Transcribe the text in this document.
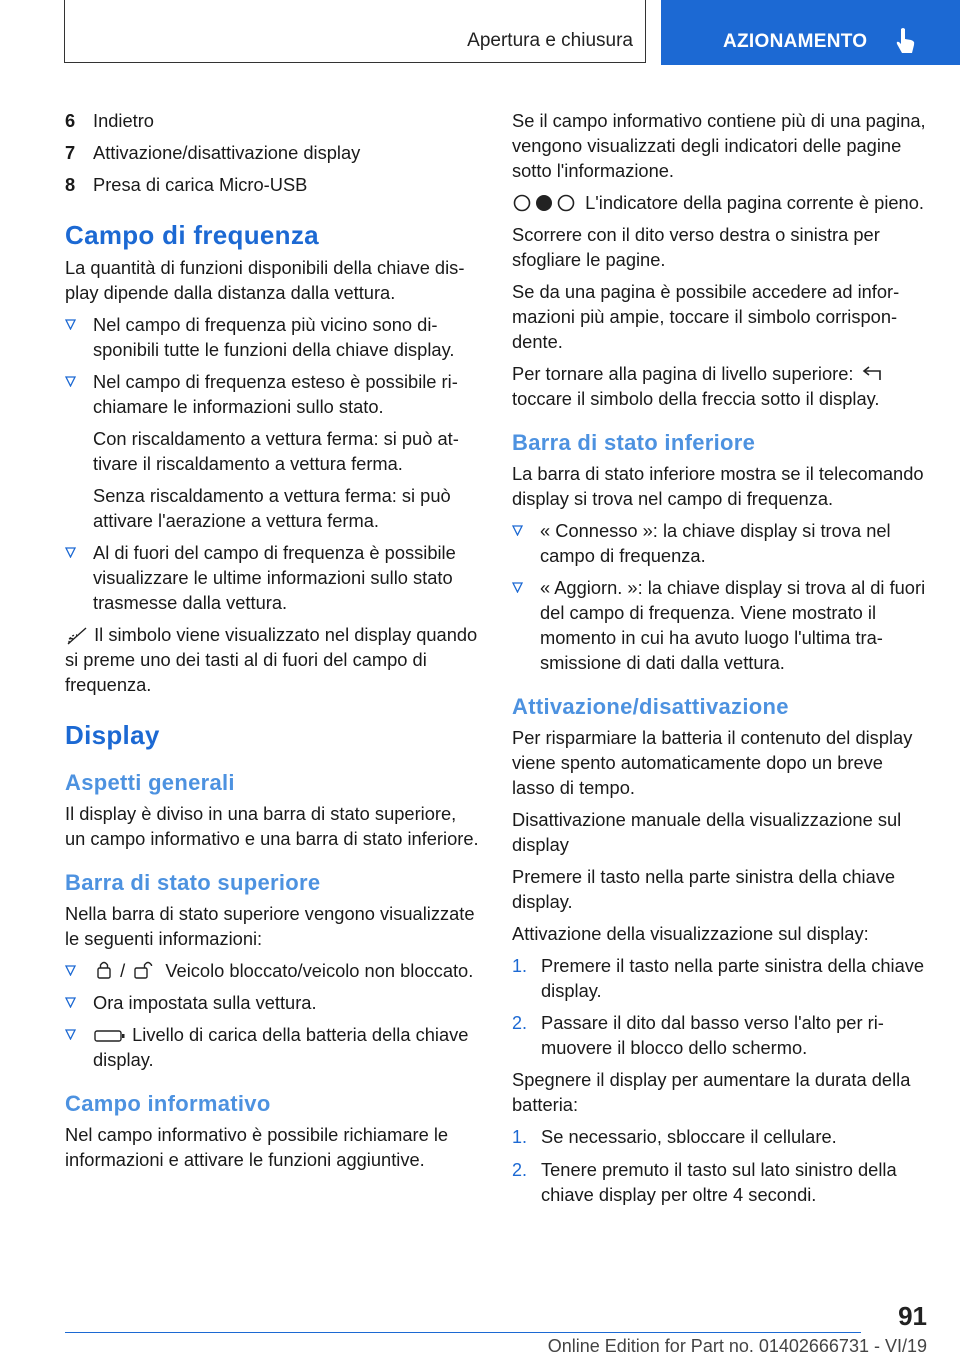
Apertura e chiusura	AZIONAMENTO
6 Indietro
7 Attivazione/disattivazione display
8 Presa di carica Micro-USB
Campo di frequenza

La quantità di funzioni disponibili della chiave display dipende dalla distanza dalla vettura.

Nel campo di frequenza più vicino sono disponibili tutte le funzioni della chiave display.
Nel campo di frequenza esteso è possibile richiamare le informazioni sullo stato.

Con riscaldamento a vettura ferma: si può attivare il riscaldamento a vettura ferma.

Senza riscaldamento a vettura ferma: si può attivare l'aerazione a vettura ferma.

Al di fuori del campo di frequenza è possibile visualizzare le ultime informazioni sullo stato trasmesse dalla vettura.

Il simbolo viene visualizzato nel display quando si preme uno dei tasti al di fuori del campo di frequenza.

Display
Aspetti generali

Il display è diviso in una barra di stato superiore, un campo informativo e una barra di stato inferiore.

Barra di stato superiore

Nella barra di stato superiore vengono visualizzate le seguenti informazioni:

/ Veicolo bloccato/veicolo non bloccato.
Ora impostata sulla vettura.
Livello di carica della batteria della chiave display.
Campo informativo

Nel campo informativo è possibile richiamare le informazioni e attivare le funzioni aggiuntive.

Se il campo informativo contiene più di una pagina, vengono visualizzati degli indicatori delle pagine sotto l'informazione.

L'indicatore della pagina corrente è pieno.

Scorrere con il dito verso destra o sinistra per sfogliare le pagine.

Se da una pagina è possibile accedere ad informazioni più ampie, toccare il simbolo corrispondente.

Per tornare alla pagina di livello superiore:
toccare il simbolo della freccia sotto il display.

Barra di stato inferiore

La barra di stato inferiore mostra se il telecomando display si trova nel campo di frequenza.

« Connesso »: la chiave display si trova nel campo di frequenza.
« Aggiorn. »: la chiave display si trova al di fuori del campo di frequenza. Viene mostrato il momento in cui ha avuto luogo l'ultima trasmissione di dati dalla vettura.
Attivazione/disattivazione

Per risparmiare la batteria il contenuto del display viene spento automaticamente dopo un breve lasso di tempo.

Disattivazione manuale della visualizzazione sul display

Premere il tasto nella parte sinistra della chiave display.

Attivazione della visualizzazione sul display:

1. Premere il tasto nella parte sinistra della chiave display.
2. Passare il dito dal basso verso l'alto per rimuovere il blocco dello schermo.

Spegnere il display per aumentare la durata della batteria:

1. Se necessario, sbloccare il cellulare.
2. Tenere premuto il tasto sul lato sinistro della chiave display per oltre 4 secondi.
91
Online Edition for Part no. 01402666731 - VI/19
